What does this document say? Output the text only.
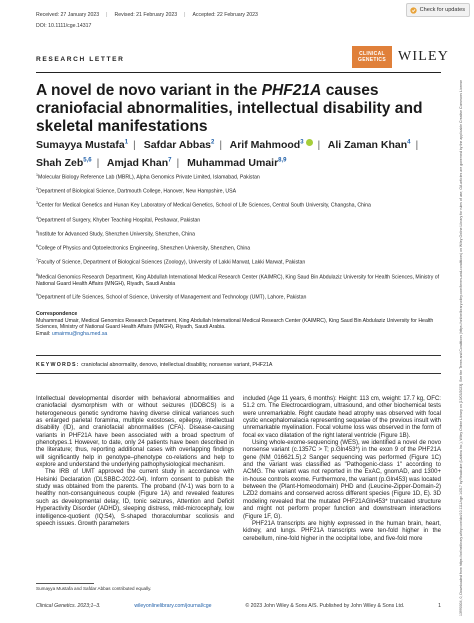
Received: 27 January 2023 | Revised: 21 February 2023 | Accepted: 22 February 2023
DOI: 10.1111/cge.14317
Check for updates
13990004, 0, Downloaded from https://onlinelibrary.wiley.com/doi/10.1111/cge.14317 by Readcube (Labtiva Inc.), Wiley Online Library on [13/03/2023]. See the Terms and Conditions (https://onlinelibrary.wiley.com/terms-and-conditions) on Wiley Online Library for rules of use; OA articles are governed by the applicable Creative Commons License
RESEARCH LETTER
CLINICAL
GENETICS WILEY
A novel de novo variant in the PHF21A causes craniofacial abnormalities, intellectual disability and skeletal manifestations
Sumayya Mustafa$^1$ | Safdar Abbas$^2$ | Arif Mahmood$^3$ | Ali Zaman Khan$^4$ |
Shah Zeb$^{5,6}$ | Amjad Khan$^7$ | Muhammad Umair$^{8,9}$
$^1$Molecular Biology Reference Lab (MBRL), Alpha Genomics Private Limited, Islamabad, Pakistan
$^2$Department of Biological Science, Dartmouth College, Hanover, New Hampshire, USA
$^3$Center for Medical Genetics and Hunan Key Laboratory of Medical Genetics, School of Life Sciences, Central South University, Changsha, China
$^4$Department of Surgery, Khyber Teaching Hospital, Peshawar, Pakistan
$^5$Institute for Advanced Study, Shenzhen University, Shenzhen, China
$^6$College of Physics and Optoelectronics Engineering, Shenzhen University, Shenzhen, China
$^7$Faculty of Science, Department of Biological Sciences (Zoology), University of Lakki Marwat, Lakki Marwat, Pakistan
$^8$Medical Genomics Research Department, King Abdullah International Medical Research Center (KAIMRC), King Saud Bin Abdulaziz University for Health Sciences, Ministry of National Guard Health Affairs (MNGH), Riyadh, Saudi Arabia
$^9$Department of Life Sciences, School of Science, University of Management and Technology (UMT), Lahore, Pakistan
Correspondence
Muhammad Umair, Medical Genomics Research Department, King Abdullah International Medical Research Center (KAIMRC), King Saud Bin Abdulaziz University for Health Sciences, Ministry of National Guard Health Affairs (MNGH), Riyadh, Saudi Arabia.
Email: umairmu@ngha.med.sa
KEYWORDS: craniofacial abnormality, denovo, intellectual disability, nonsense variant, PHF21A

Intellectual developmental disorder with behavioral abnormalities and craniofacial dysmorphism with or without seizures (IDDBCS) is a heterogeneous genetic syndrome having diverse clinical variances such as enlarged parietal foramina, multiple exostoses, epilepsy, intellectual disability (ID), and craniofacial abnormalities (CFA). Disease-causing variants in PHF21A have been associated with a broad spectrum of phenotypes.1 However, to date, only 24 patients have been described in the literature; thus, reporting additional cases with overlapping findings will significantly help in genotype–phenotype co-relations and help to explore and understand the underlying pathophysiological mechanism.

The IRB of UMT approved the current study in accordance with Helsinki Declaration (DLSBBC-2022-04). Inform consent to publish the study was obtained from the parents. The proband (IV-1) was born to a healthy non-consanguineous couple (Figure 1A) and revealed features such as developmental delay, ID, tonic seizures, Attention and Deficit Hyperactivity Disorder (ADHD), sleeping distress, mild-microcephaly, low intelligence-quotient (IQ:54), S-shaped thoracolumbar scoliosis and speech issues. Growth parameters

included (Age 11 years, 6 months): Height: 113 cm, weight: 17.7 kg, OFC: 51.2 cm. The Electrocardiogram, ultrasound, and other biochemical tests were unremarkable. Right caudate head atrophy was observed with focal cystic encephalomalacia representing sequelae of the previous insult with unremarkable myelination. Focal volume loss was observed in the form of focal ex vaco dilatation of the right lateral ventricle (Figure 1B).

Using whole-exome-sequencing (WES), we identified a novel de novo nonsense variant (c.1357C > T; p.Gln453*) in the exon 9 of the PHF21A gene (NM_016621.5).2 Sanger sequencing was performed (Figure 1C) and the variant was classified as "Pathogenic-class 1" according to ACMG. The variant was not reported in the ExAC, gnomAD, and 1300+ in-house controls exome. Furthermore, the variant (p.Gln453) was located between the (Plant-Homeodomain) PHD and (Leucine-Zipper-Domain-2) LZD2 domains and conserved across different species (Figure 1D, E). 3D modeling revealed that the mutated PHF21AGln453* truncated structure and might not perform proper function and downstream interactions (Figure 1F, G).

PHF21A transcripts are highly expressed in the human brain, heart, kidney, and lungs. PHF21A transcripts were ten-fold higher in the cerebellum, nine-fold higher in the occipital lobe, and five-fold more

Sumayya Mustafa and Safdar Abbas contributed equally.
Clinical Genetics. 2023;1–3.	wileyonlinelibrary.com/journal/cge	© 2023 John Wiley & Sons A/S. Published by John Wiley & Sons Ltd.	1
